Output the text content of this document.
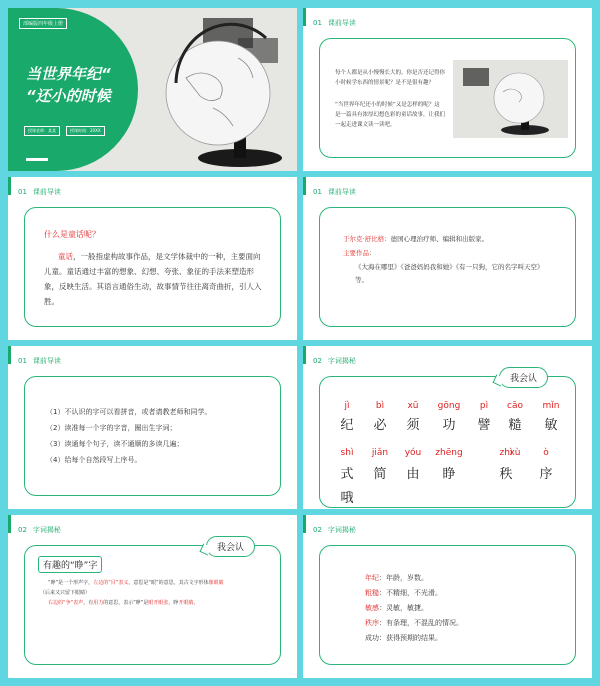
部编版四年级上册
当世界年纪“
“还小的时候
授课老师：某某	授课时间：20XX
01 课前导读
每个人都是从小慢慢长大的。你是否还记得你小时候学东西的情景呢？是不是很有趣？
“当世界年纪还小的时候”又是怎样的呢？这是一篇具有浓厚幻想色彩的童话故事，让我们一起走进课文读一读吧。
01 课前导读
什么是童话呢？
童话，一般指虚构故事作品，是文学体裁中的一种，主要面向儿童。童话通过丰富的想象、幻想、夸张、象征的手法来塑造形象，反映生活。其语言通俗生动，故事情节往往离奇曲折，引人入胜。
01 课前导读
于尔克·舒比格：德国心理治疗师、编辑和出版家。
主要作品：
《大海在哪里》《爸爸妈妈我和她》《有一只狗，它的名字叫天空》等。
01 课前导读
（1）不认识的字可以看拼音，或者请教老师和同学。
（2）读准每一个字的字音，圈出生字词；
（3）读通每个句子，读不通顺的多读几遍；
（4）给每个自然段写上序号。
02 字词揭秘
我会认
jì
纪
bì
必
xū
须
gōng
功
pì
譬
cāo
糙
mǐn
敏
shì
式
jiǎn
简
yóu
由
zhēng
睁
zhì
秩
xù
序
ò
哦
02 字词揭秘
我会认
有趣的“睁”字
“睁”是一个形声字，左边的“目”表义，意思是“眼”的意思，其古文字形体像眼睛
（后来又只留下眼睛）
右边的“争”表声，有用力的意思，表示“睁”是眼开眼张，睁开眼睛。
02 字词揭秘
年纪：年龄，岁数。
粗糙：不精细，不光滑。
敏感：灵敏，敏捷。
秩序：有条理，不混乱的情况。
成功：获得预期的结果。
